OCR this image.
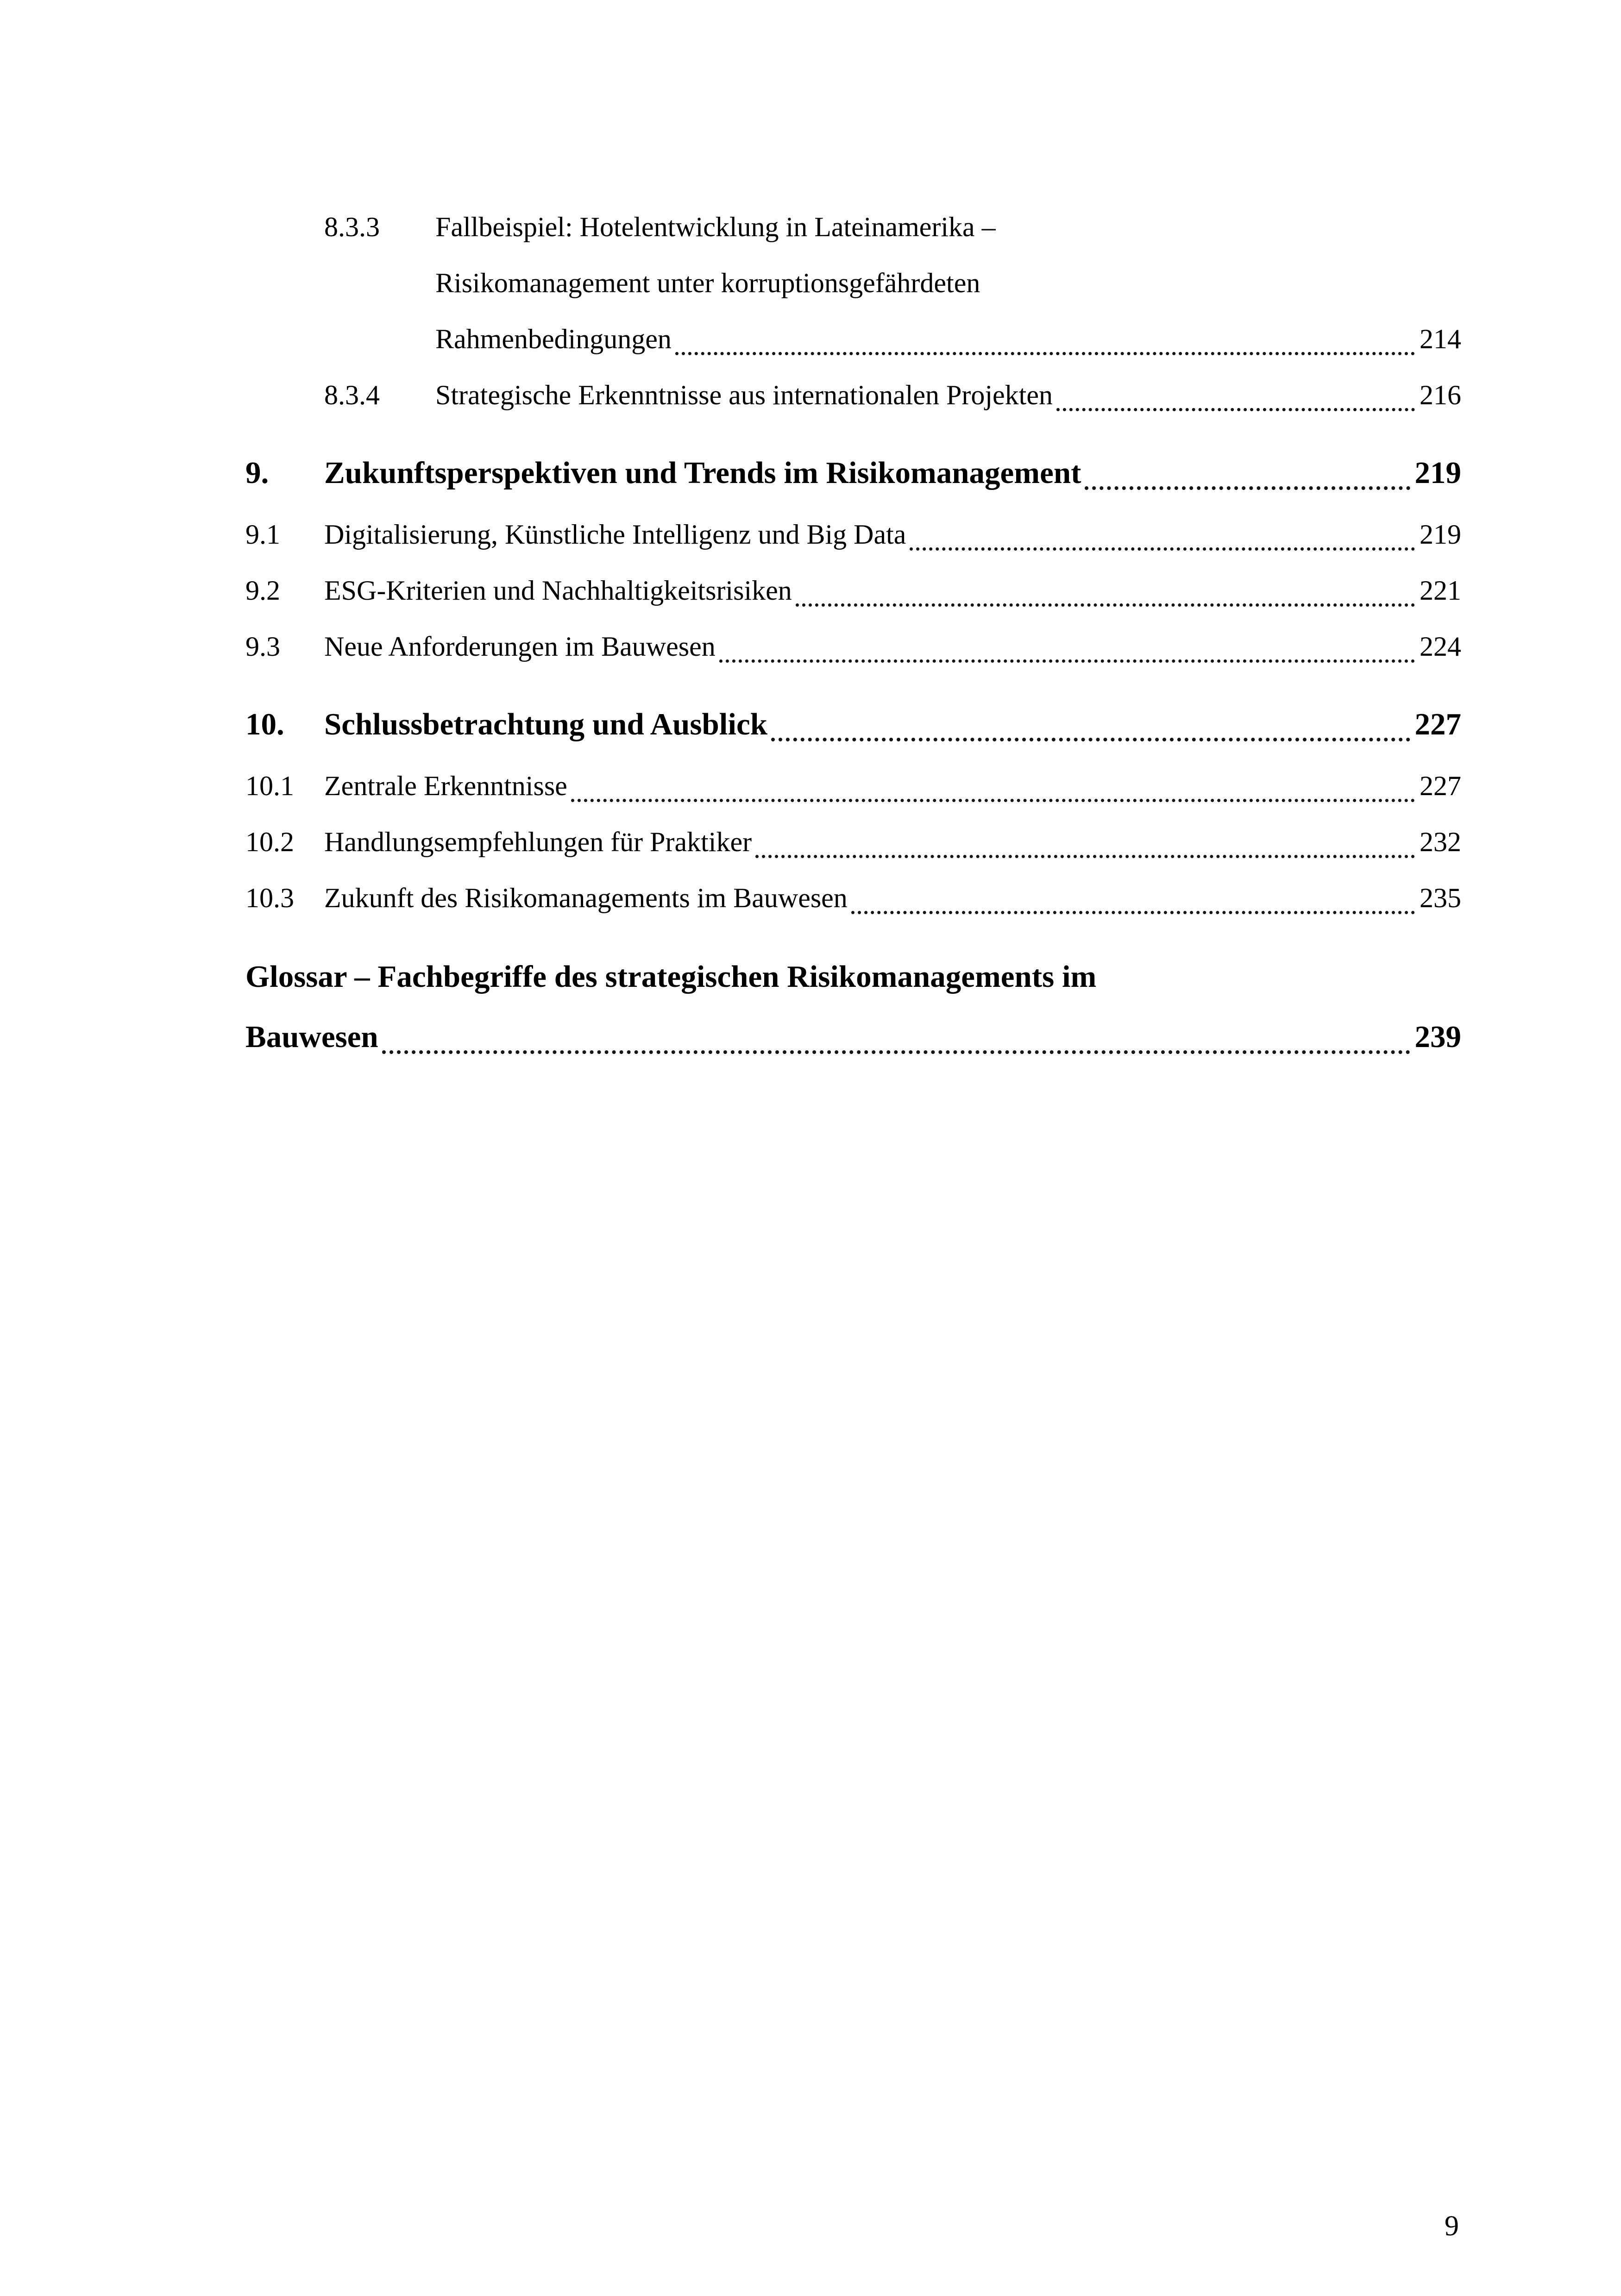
8.3.3	Fallbeispiel: Hotelentwicklung in Lateinamerika –
Risikomanagement unter korruptionsgefährdeten
Rahmenbedingungen	214
8.3.4	Strategische Erkenntnisse aus internationalen Projekten	216
9.	Zukunftsperspektiven und Trends im Risikomanagement	219
9.1	Digitalisierung, Künstliche Intelligenz und Big Data	219
9.2	ESG-Kriterien und Nachhaltigkeitsrisiken	221
9.3	Neue Anforderungen im Bauwesen	224
10.	Schlussbetrachtung und Ausblick	227
10.1	Zentrale Erkenntnisse	227
10.2	Handlungsempfehlungen für Praktiker	232
10.3	Zukunft des Risikomanagements im Bauwesen	235
Glossar – Fachbegriffe des strategischen Risikomanagements im
Bauwesen	239
9
